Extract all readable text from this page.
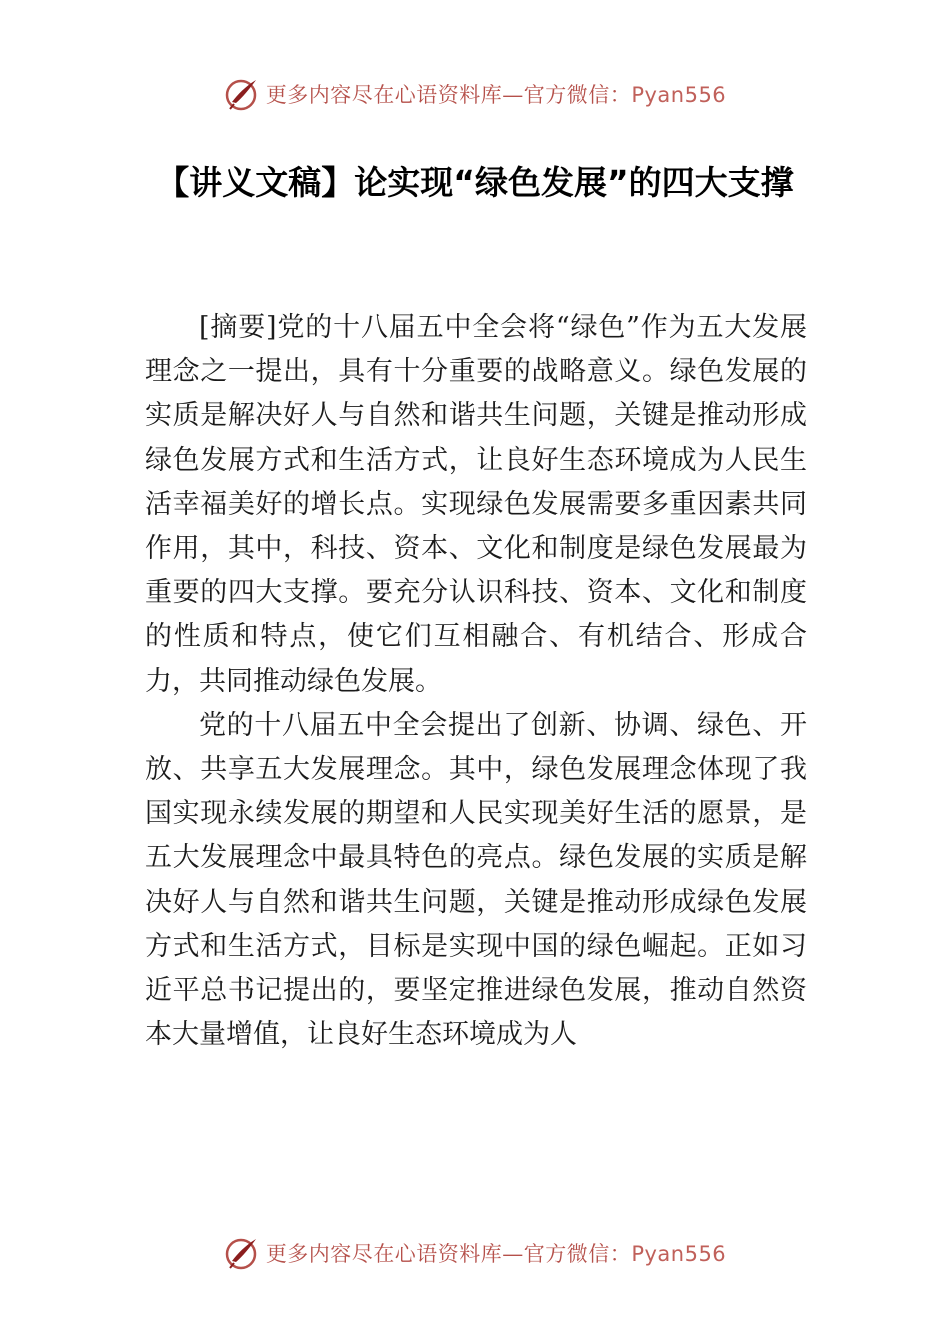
更多内容尽在心语资料库—官方微信：Pyan556
【讲义文稿】论实现“绿色发展”的四大支撑

[摘要]党的十八届五中全会将“绿色”作为五大发展理念之一提出，具有十分重要的战略意义。绿色发展的实质是解决好人与自然和谐共生问题，关键是推动形成绿色发展方式和生活方式，让良好生态环境成为人民生活幸福美好的增长点。实现绿色发展需要多重因素共同作用，其中，科技、资本、文化和制度是绿色发展最为重要的四大支撑。要充分认识科技、资本、文化和制度的性质和特点，使它们互相融合、有机结合、形成合力，共同推动绿色发展。

党的十八届五中全会提出了创新、协调、绿色、开放、共享五大发展理念。其中，绿色发展理念体现了我国实现永续发展的期望和人民实现美好生活的愿景，是五大发展理念中最具特色的亮点。绿色发展的实质是解决好人与自然和谐共生问题，关键是推动形成绿色发展方式和生活方式，目标是实现中国的绿色崛起。正如习近平总书记提出的，要坚定推进绿色发展，推动自然资本大量增值，让良好生态环境成为人

更多内容尽在心语资料库—官方微信：Pyan556
